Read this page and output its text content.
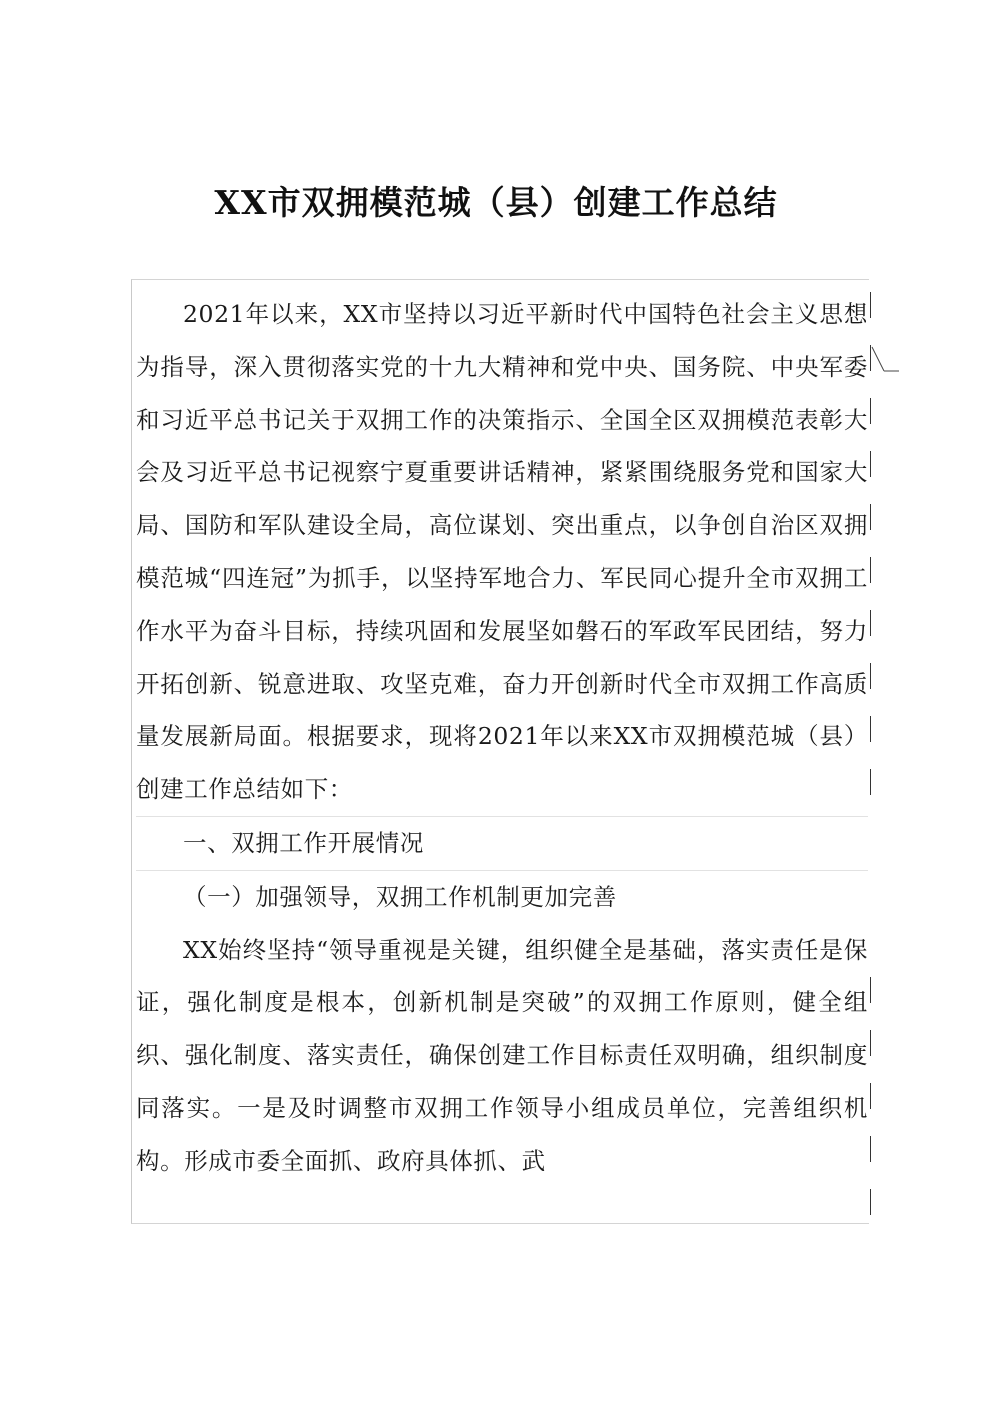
XX市双拥模范城（县）创建工作总结

2021年以来，XX市坚持以习近平新时代中国特色社会主义思想为指导，深入贯彻落实党的十九大精神和党中央、国务院、中央军委和习近平总书记关于双拥工作的决策指示、全国全区双拥模范表彰大会及习近平总书记视察宁夏重要讲话精神，紧紧围绕服务党和国家大局、国防和军队建设全局，高位谋划、突出重点，以争创自治区双拥模范城“四连冠”为抓手，以坚持军地合力、军民同心提升全市双拥工作水平为奋斗目标，持续巩固和发展坚如磐石的军政军民团结，努力开拓创新、锐意进取、攻坚克难，奋力开创新时代全市双拥工作高质量发展新局面。根据要求，现将2021年以来XX市双拥模范城（县）创建工作总结如下：

一、双拥工作开展情况

（一）加强领导，双拥工作机制更加完善

XX始终坚持“领导重视是关键，组织健全是基础，落实责任是保证，强化制度是根本，创新机制是突破”的双拥工作原则，健全组织、强化制度、落实责任，确保创建工作目标责任双明确，组织制度同落实。一是及时调整市双拥工作领导小组成员单位，完善组织机构。形成市委全面抓、政府具体抓、武
